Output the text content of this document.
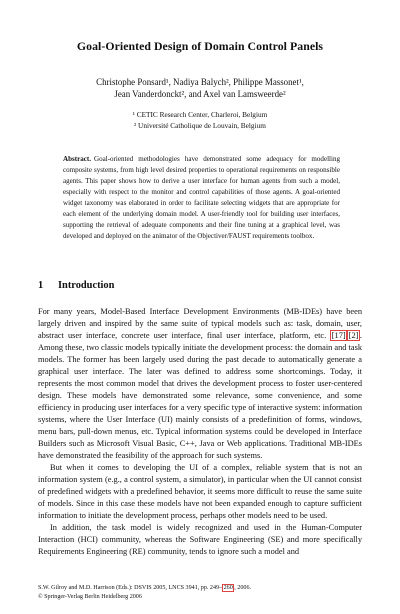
Goal-Oriented Design of Domain Control Panels
Christophe Ponsard¹, Nadiya Balych², Philippe Massonet¹,
Jean Vanderdonckt², and Axel van Lamsweerde²
¹ CETIC Research Center, Charleroi, Belgium
² Université Catholique de Louvain, Belgium
Abstract. Goal-oriented methodologies have demonstrated some adequacy for modelling composite systems, from high level desired properties to operational requirements on responsible agents. This paper shows how to derive a user interface for human agents from such a model, especially with respect to the monitor and control capabilities of those agents. A goal-oriented widget taxonomy was elaborated in order to facilitate selecting widgets that are appropriate for each element of the underlying domain model. A user-friendly tool for building user interfaces, supporting the retrieval of adequate components and their fine tuning at a graphical level, was developed and deployed on the animator of the Objectiver/FAUST requirements toolbox.
1 Introduction

For many years, Model-Based Interface Development Environments (MB-IDEs) have been largely driven and inspired by the same suite of typical models such as: task, domain, user, abstract user interface, concrete user interface, final user interface, platform, etc. [17] [2] . Among these, two classic models typically initiate the development process: the domain and task models. The former has been largely used during the past decade to automatically generate a graphical user interface. The later was defined to address some shortcomings. Today, it represents the most common model that drives the development process to foster user-centered design. These models have demonstrated some relevance, some convenience, and some efficiency in producing user interfaces for a very specific type of interactive system: information systems, where the User Interface (UI) mainly consists of a predefinition of forms, windows, menu bars, pull-down menus, etc. Typical information systems could be developed in Interface Builders such as Microsoft Visual Basic, C++, Java or Web applications. Traditional MB-IDEs have demonstrated the feasibility of the approach for such systems.

But when it comes to developing the UI of a complex, reliable system that is not an information system (e.g., a control system, a simulator), in particular when the UI cannot consist of predefined widgets with a predefined behavior, it seems more difficult to reuse the same suite of models. Since in this case these models have not been expanded enough to capture sufficient information to initiate the development process, perhaps other models need to be used.

In addition, the task model is widely recognized and used in the Human-Computer Interaction (HCI) community, whereas the Software Engineering (SE) and more specifically Requirements Engineering (RE) community, tends to ignore such a model and

S.W. Gilroy and M.D. Harrison (Eds.): DSVIS 2005, LNCS 3941, pp. 249– 260 , 2006.
© Springer-Verlag Berlin Heidelberg 2006
